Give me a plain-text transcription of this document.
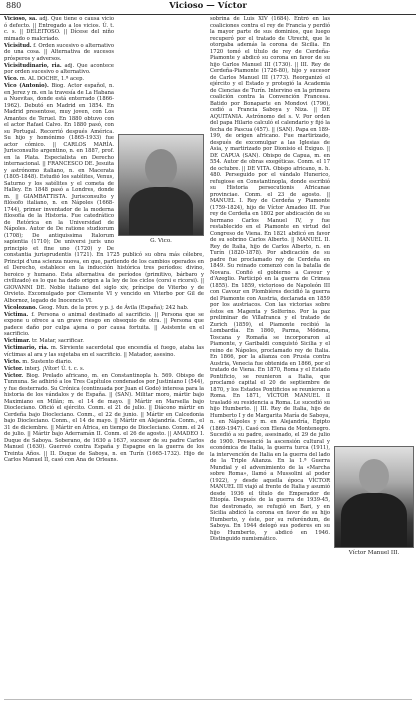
880	Vicioso — Víctor
G. Vico.

Vicioso, sa. adj. Que tiene o causa vicio ó defecto. || Entregado a los vicios. Ú. t. c. s. || DELEITOSO. || Dícese del niño mimado o malcriado.

Vicisitud. f. Orden sucesivo o alternativo de una cosa. || Alternativa de sucesos prósperos y adversos.

Vicisitudinario, ria. adj. Que acontece por orden sucesivo o alternativo.

Vico. m. AL DOCHE, 1.ª acep.

Vico (Antonio). Biog. Actor español, n. en Jerez y m. en la travesía de La Habana a Nuevitas, donde está enterrado (1866-1962). Debutó en Madrid en 1854. En Madrid presentose, muy joven, con Los Amantes de Teruel. En 1880 obtuvo con el actor Rafael Calvo. En 1880 pasó, con su Portugal. Recorrió después América. Su hijo y homónimo (1865-1933) fue actor cómico. || CARLOS MARÍA. Jurisconsulto argentino, n. en 1887, prof. en la Plata. Especialista en Derecho internacional. || FRANCESCO DE. Jesuita y astrónomo italiano, n. en Macerata (1805-1848). Estudió los satélites, Venus, Saturno y los satélites y el cometa de Halley. En 1848 pasó a Londres, donde m. || GIAMBATTISTA. Jurisconsulto y filósofo italiano, n. en Nápoles (1668-1744), primer inventador de la moderna filosofía de la Historia. Fue catedrático de Retórica en la Universidad de Nápoles. Autor de De ratione studiorum (1708); De antiquissima Italorum sapientia (1710); De universi juris uno principio et fine uno (1720) y De constantia jurisprudentis (1721). En 1725 publicó su obra más célebre, Principi d'una scienza nuova, en que, partiendo de los cambios operados en el Derecho, establece en la inducción histórica tres períodos: divino, heroico y humano. Esta alternativa de períodos (primitivo, bárbaro y civilizado) es lo que ha dado origen a la ley de los ciclos (corsi e ricorsi). || GIOVANNI DE. Noble italiano del siglo xiv, príncipe de Viterbo y de Orvieto. Excomulgado por Clemente VI y vencido en Viterbo por Gil de Albornoz, legado de Inocencio VI.

Vicolozano. Geog. Mun. de la prov. y p. j. de Ávila (España); 242 hab.

Víctima. f. Persona o animal destinado al sacrificio. || Persona que se expone u ofrece a un grave riesgo en obsequio de otra. || Persona que padece daño por culpa ajena o por causa fortuita. || Asistente en el sacrificio.

Victimar. tr. Matar, sacrificar.

Victimario, ria. m. Sirviente sacerdotal que encendía el fuego, ataba las víctimas al ara y las sujetaba en el sacrificio. || Matador, asesino.

Victo. m. Sustento diario.

Víctor. interj. ¡Vítor! Ú. t. c. s.

Víctor. Biog. Prelado africano, m. en Constantinopla h. 569. Obispo de Tunnuna. Se adhirió a los Tres Capítulos condenados por Justiniano I (544), y fue desterrado. Su Crónica (continuada por Juan el Godo) interesa para la historia de los vándalos y de España. || (SAN). Militar moro, mártir bajo Maximiano en Milán; m. el 14 de mayo. || Mártir en Marsella bajo Diocleciano. Ofició el ejército. Conm. el 21 de julio. || Diácono mártir en Cerdeña bajo Diocleciano. Conm., el 22 de junio. || Mártir en Calcedonia bajo Diocleciano. Conm., el 14 de mayo. || Mártir en Alejandría. Conm., el 31 de diciembre. || Mártir en África, en tiempo de Diocleciano. Conm. el 24 de julio. || Mártir bajo Aderramán II. Conm. el 26 de agosto. || AMADEO I. Duque de Saboya. Soberano, de 1630 a 1637, sucesor de su padre Carlos Manuel (1630). Guerreó contra España y Espagne en la guerra de los Treinta Años. || II. Duque de Saboya, n. en Turín (1665-1732). Hijo de Carlos Manuel II, casó con Ana de Orleans.

Víctor Manuel III.

sobrina de Luis XIV (1684). Entró en las coaliciones contra el rey de Francia y perdió la mayor parte de sus dominios, que luego recuperó por el tratado de Utrecht, que le otorgaba además la corona de Sicilia. En 1720 tomó el título de rey de Cerdeña-Piamonte y abdicó su corona en favor de su hijo Carlos Manuel III (1730). || III. Rey de Cerdeña-Piamonte (1726-80), hijo y sucesor de Carlos Manuel III (1773). Reorganizó el ejército y el Estado y protegió la Academia de Ciencias de Turín. Intervino en la primera coalición contra la Convención Francesa. Batido por Bonaparte en Mondovi (1796), cedió a Francia Saboya y Niza. || DE AQUITANIA. Astrónomo del s. V. Por orden del papa Hilario calculó el calendario y fijó la fecha de Pascua (457). || (SAN). Papa en 189-199, de origen africano. Fue martirizado, después de excomulgar a las Iglesias de Asia, y martirizado por Dionisio el Exiguo. || DE CAPUA (SAN). Obispo de Capua, m. en 554. Autor de obras exegéticas. Conm. el 17 de octubre. || DE VITA. Obispo africano, n. h. 480. Perseguido por el vándalo Hunerico, refugiose en Constantinopla, donde escribió su Historia persecutionis Africanae provinciae. Conm. el 23 de agosto. || MANUEL I. Rey de Cerdeña y Piamonte (1759-1824), hijo de Víctor Amadeo III. Fue rey de Cerdeña en 1802 por abdicación de su hermano Carlos Manuel IV, y fue restablecido en el Piamonte en virtud del Congreso de Viena. En 1821 abdicó en favor de su sobrino Carlos Alberto. || MANUEL II. Rey de Italia, hijo de Carlos Alberto, n. en Turín (1820-1878). Por abdicación de su padre fue proclamado rey de Cerdeña en 1849. Su reinado comenzó con la batalla de Novara. Confió el gobierno a Cavour y d'Azeglio. Participó en la guerra de Crimea (1855). En 1859, victorioso de Napoleón III con Cavour en Plombières decidió la guerra del Piamonte con Austria, declarada en 1859 por los austriacos. Con las victorias sobre éstos en Magenta y Solferino. Por la paz preliminar de Villafranca y el tratado de Zurich (1859), el Piamonte recibió la Lombardía. En 1860, Parma, Módena, Toscana y Romaña se incorporaron al Piamonte, y Garibaldi conquistó Sicilia y el reino de Nápoles, proclamado rey de Italia. En 1866, por la alianza con Prusia contra Austria, Venecia fue obtenida en 1866, por el tratado de Viena. En 1870, Roma y el Estado Pontificio, se reunieron a Italia, que proclamó capital el 20 de septiembre de 1870, y los Estados Pontificios se reunieron a Roma. En 1871, VÍCTOR MANUEL II trasladó su residencia a Roma. Le sucedió su hijo Humberto. || III. Rey de Italia, hijo de Humberto I y de Margarita María de Saboya, n. en Nápoles y m. en Alejandría, Egipto (1869-1947). Casó con Elena de Montenegro. Sucedió a su padre, asesinado, el 29 de julio de 1900. Presenció la ascensión cultural y económica de Italia, la guerra turca (1911), la intervención de Italia en la guerra del lado de la Triple Alianza. En la 1.ª Guerra Mundial y el advenimiento de la «Marcha sobre Roma», llamó a Mussolini al poder (1922), y desde aquella época VÍCTOR MANUEL III viajó al frente de Italia y asumió desde 1936 el título de Emperador de Etiopía. Después de la guerra de 1939-45, fue destronado, se refugió en Bari, y en Sicilia abdicó la corona en favor de su hijo Humberto, y éste, por su referéndum, de Saboya. En 1944 delegó sus poderes en su hijo Humberto, y abdicó en 1946. Distinguido numismático.
